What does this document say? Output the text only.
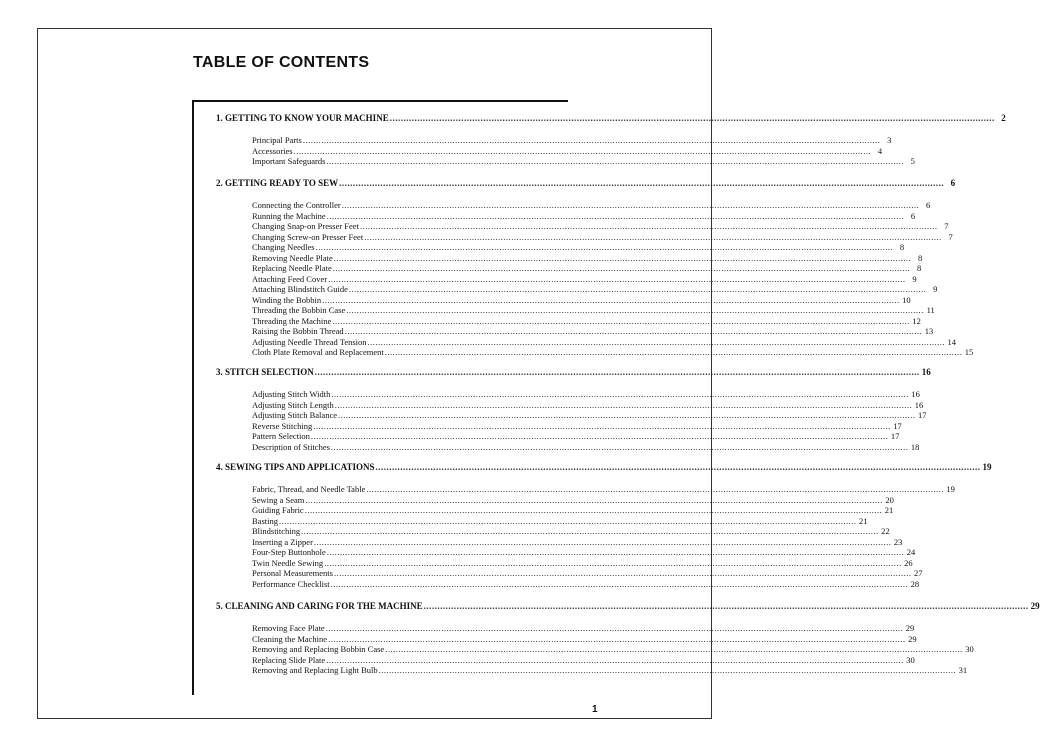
TABLE OF CONTENTS
1. GETTING TO KNOW YOUR MACHINE ............................................................................................................................................................................................................................ 2
Principal Parts ............................................................................................................................................................................................................................ 3
Accessories ............................................................................................................................................................................................................................ 4
Important Safeguards ............................................................................................................................................................................................................................ 5
2. GETTING READY TO SEW ............................................................................................................................................................................................................................ 6
Connecting the Controller ............................................................................................................................................................................................................................ 6
Running the Machine ............................................................................................................................................................................................................................ 6
Changing Snap-on Presser Feet ............................................................................................................................................................................................................................ 7
Changing Screw-on Presser Feet ............................................................................................................................................................................................................................ 7
Changing Needles ............................................................................................................................................................................................................................ 8
Removing Needle Plate ............................................................................................................................................................................................................................ 8
Replacing Needle Plate ............................................................................................................................................................................................................................ 8
Attaching Feed Cover ............................................................................................................................................................................................................................ 9
Attaching Blindstitch Guide ............................................................................................................................................................................................................................ 9
Winding the Bobbin ............................................................................................................................................................................................................................ 10
Threading the Bobbin Case ............................................................................................................................................................................................................................ 11
Threading the Machine ............................................................................................................................................................................................................................ 12
Raising the Bobbin Thread ............................................................................................................................................................................................................................ 13
Adjusting Needle Thread Tension ............................................................................................................................................................................................................................ 14
Cloth Plate Removal and Replacement ............................................................................................................................................................................................................................ 15
3. STITCH SELECTION ............................................................................................................................................................................................................................ 16
Adjusting Stitch Width ............................................................................................................................................................................................................................ 16
Adjusting Stitch Length ............................................................................................................................................................................................................................ 16
Adjusting Stitch Balance ............................................................................................................................................................................................................................ 17
Reverse Stitching ............................................................................................................................................................................................................................ 17
Pattern Selection ............................................................................................................................................................................................................................ 17
Description of Stitches ............................................................................................................................................................................................................................ 18
4. SEWING TIPS AND APPLICATIONS ............................................................................................................................................................................................................................ 19
Fabric, Thread, and Needle Table ............................................................................................................................................................................................................................ 19
Sewing a Seam ............................................................................................................................................................................................................................ 20
Guiding Fabric ............................................................................................................................................................................................................................ 21
Basting ............................................................................................................................................................................................................................ 21
Blindstitching ............................................................................................................................................................................................................................ 22
Inserting a Zipper ............................................................................................................................................................................................................................ 23
Four-Step Buttonhole ............................................................................................................................................................................................................................ 24
Twin Needle Sewing ............................................................................................................................................................................................................................ 26
Personal Measurements ............................................................................................................................................................................................................................ 27
Performance Checklist ............................................................................................................................................................................................................................ 28
5. CLEANING AND CARING FOR THE MACHINE ............................................................................................................................................................................................................................ 29
Removing Face Plate ............................................................................................................................................................................................................................ 29
Cleaning the Machine ............................................................................................................................................................................................................................ 29
Removing and Replacing Bobbin Case ............................................................................................................................................................................................................................ 30
Replacing Slide Plate ............................................................................................................................................................................................................................ 30
Removing and Replacing Light Bulb ............................................................................................................................................................................................................................ 31
1
